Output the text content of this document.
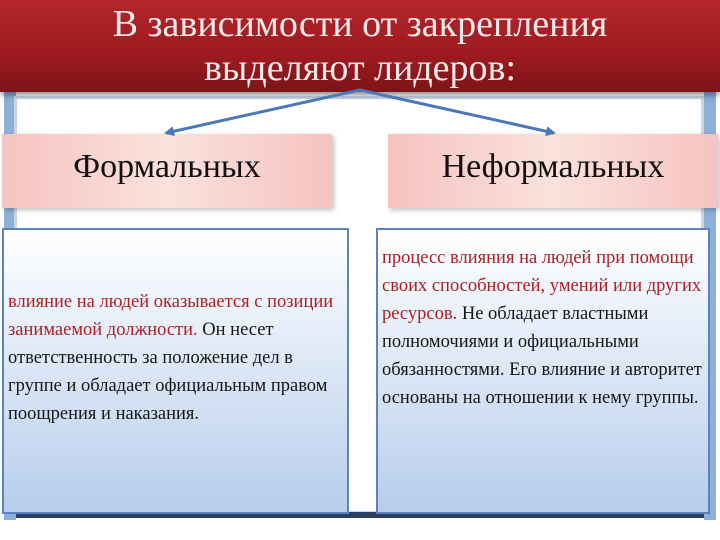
В зависимости от закрепления
выделяют лидеров:
Формальных	Неформальных
влияние на людей оказывается с позиции занимаемой должности. Он несет ответственность за положение дел в группе и обладает официальным правом поощрения и наказания.
процесс влияния на людей при помощи своих способностей, умений или других ресурсов. Не обладает властными полномочиями и официальными обязанностями. Его влияние и авторитет основаны на отношении к нему группы.
